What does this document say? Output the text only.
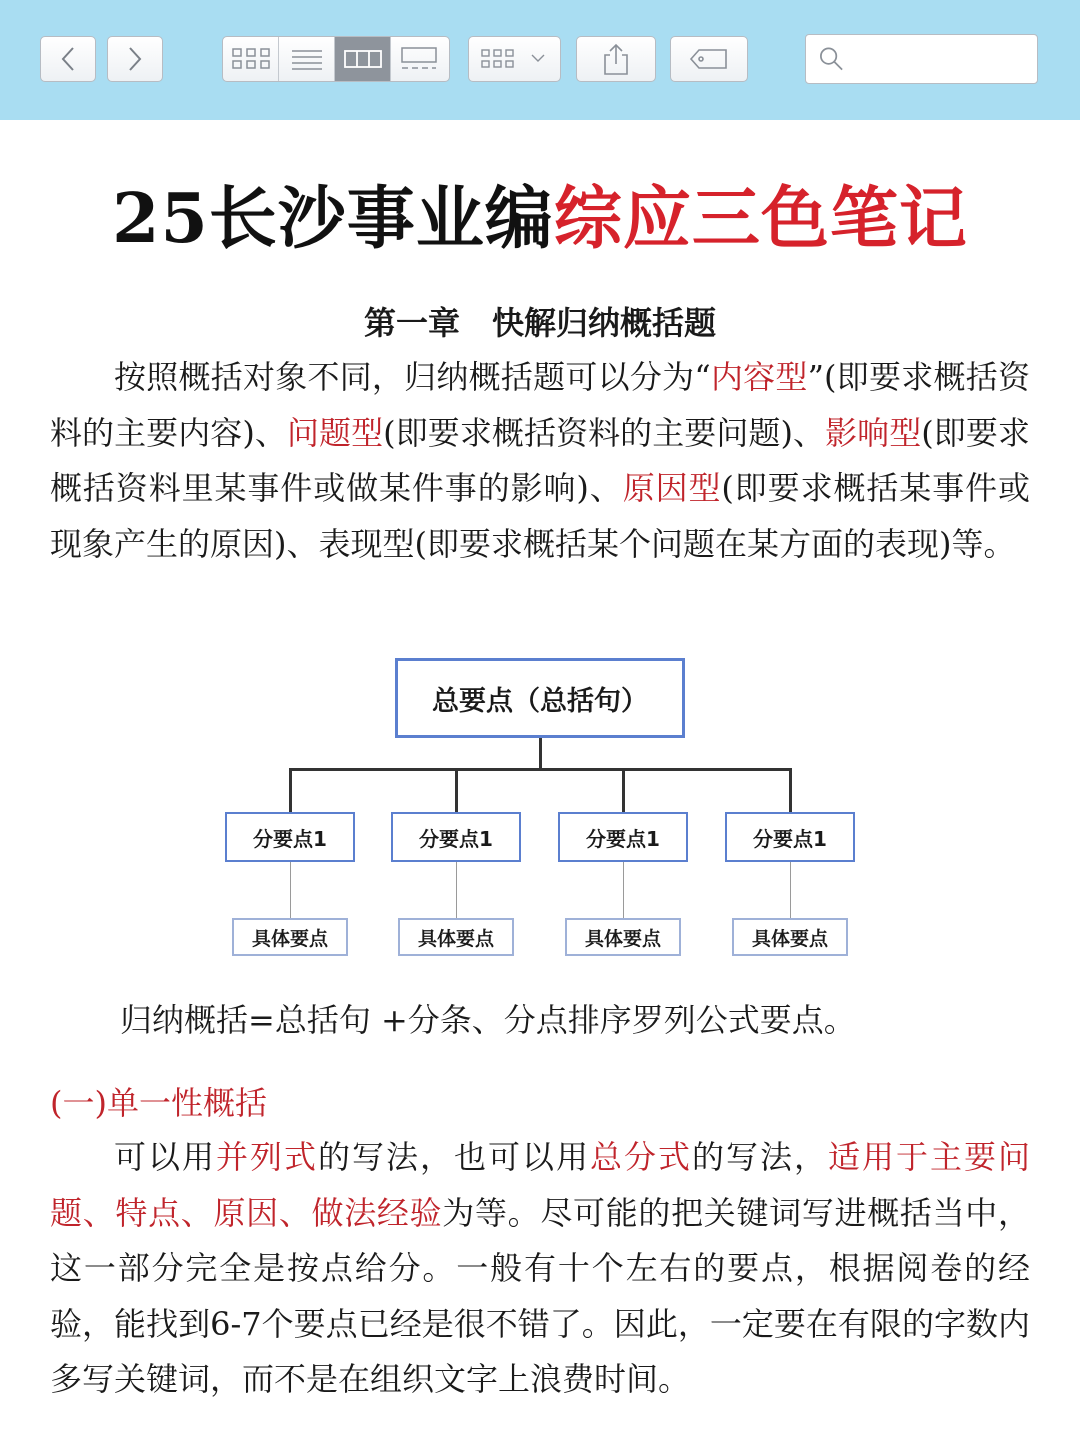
25长沙事业编综应三色笔记
第一章　快解归纳概括题
按照概括对象不同，归纳概括题可以分为“内容型”(即要求概括资料的主要内容)、问题型(即要求概括资料的主要问题)、影响型(即要求概括资料里某事件或做某件事的影响)、原因型(即要求概括某事件或现象产生的原因)、表现型(即要求概括某个问题在某方面的表现)等。
总要点（总括句）
分要点1	分要点1	分要点1	分要点1
具体要点	具体要点	具体要点	具体要点
归纳概括=总括句 +分条、分点排序罗列公式要点。
(一)单一性概括
可以用并列式的写法，也可以用总分式的写法，适用于主要问题、特点、原因、做法经验为等。尽可能的把关键词写进概括当中，这一部分完全是按点给分。一般有十个左右的要点，根据阅卷的经验，能找到6-7个要点已经是很不错了。因此，一定要在有限的字数内多写关键词，而不是在组织文字上浪费时间。
